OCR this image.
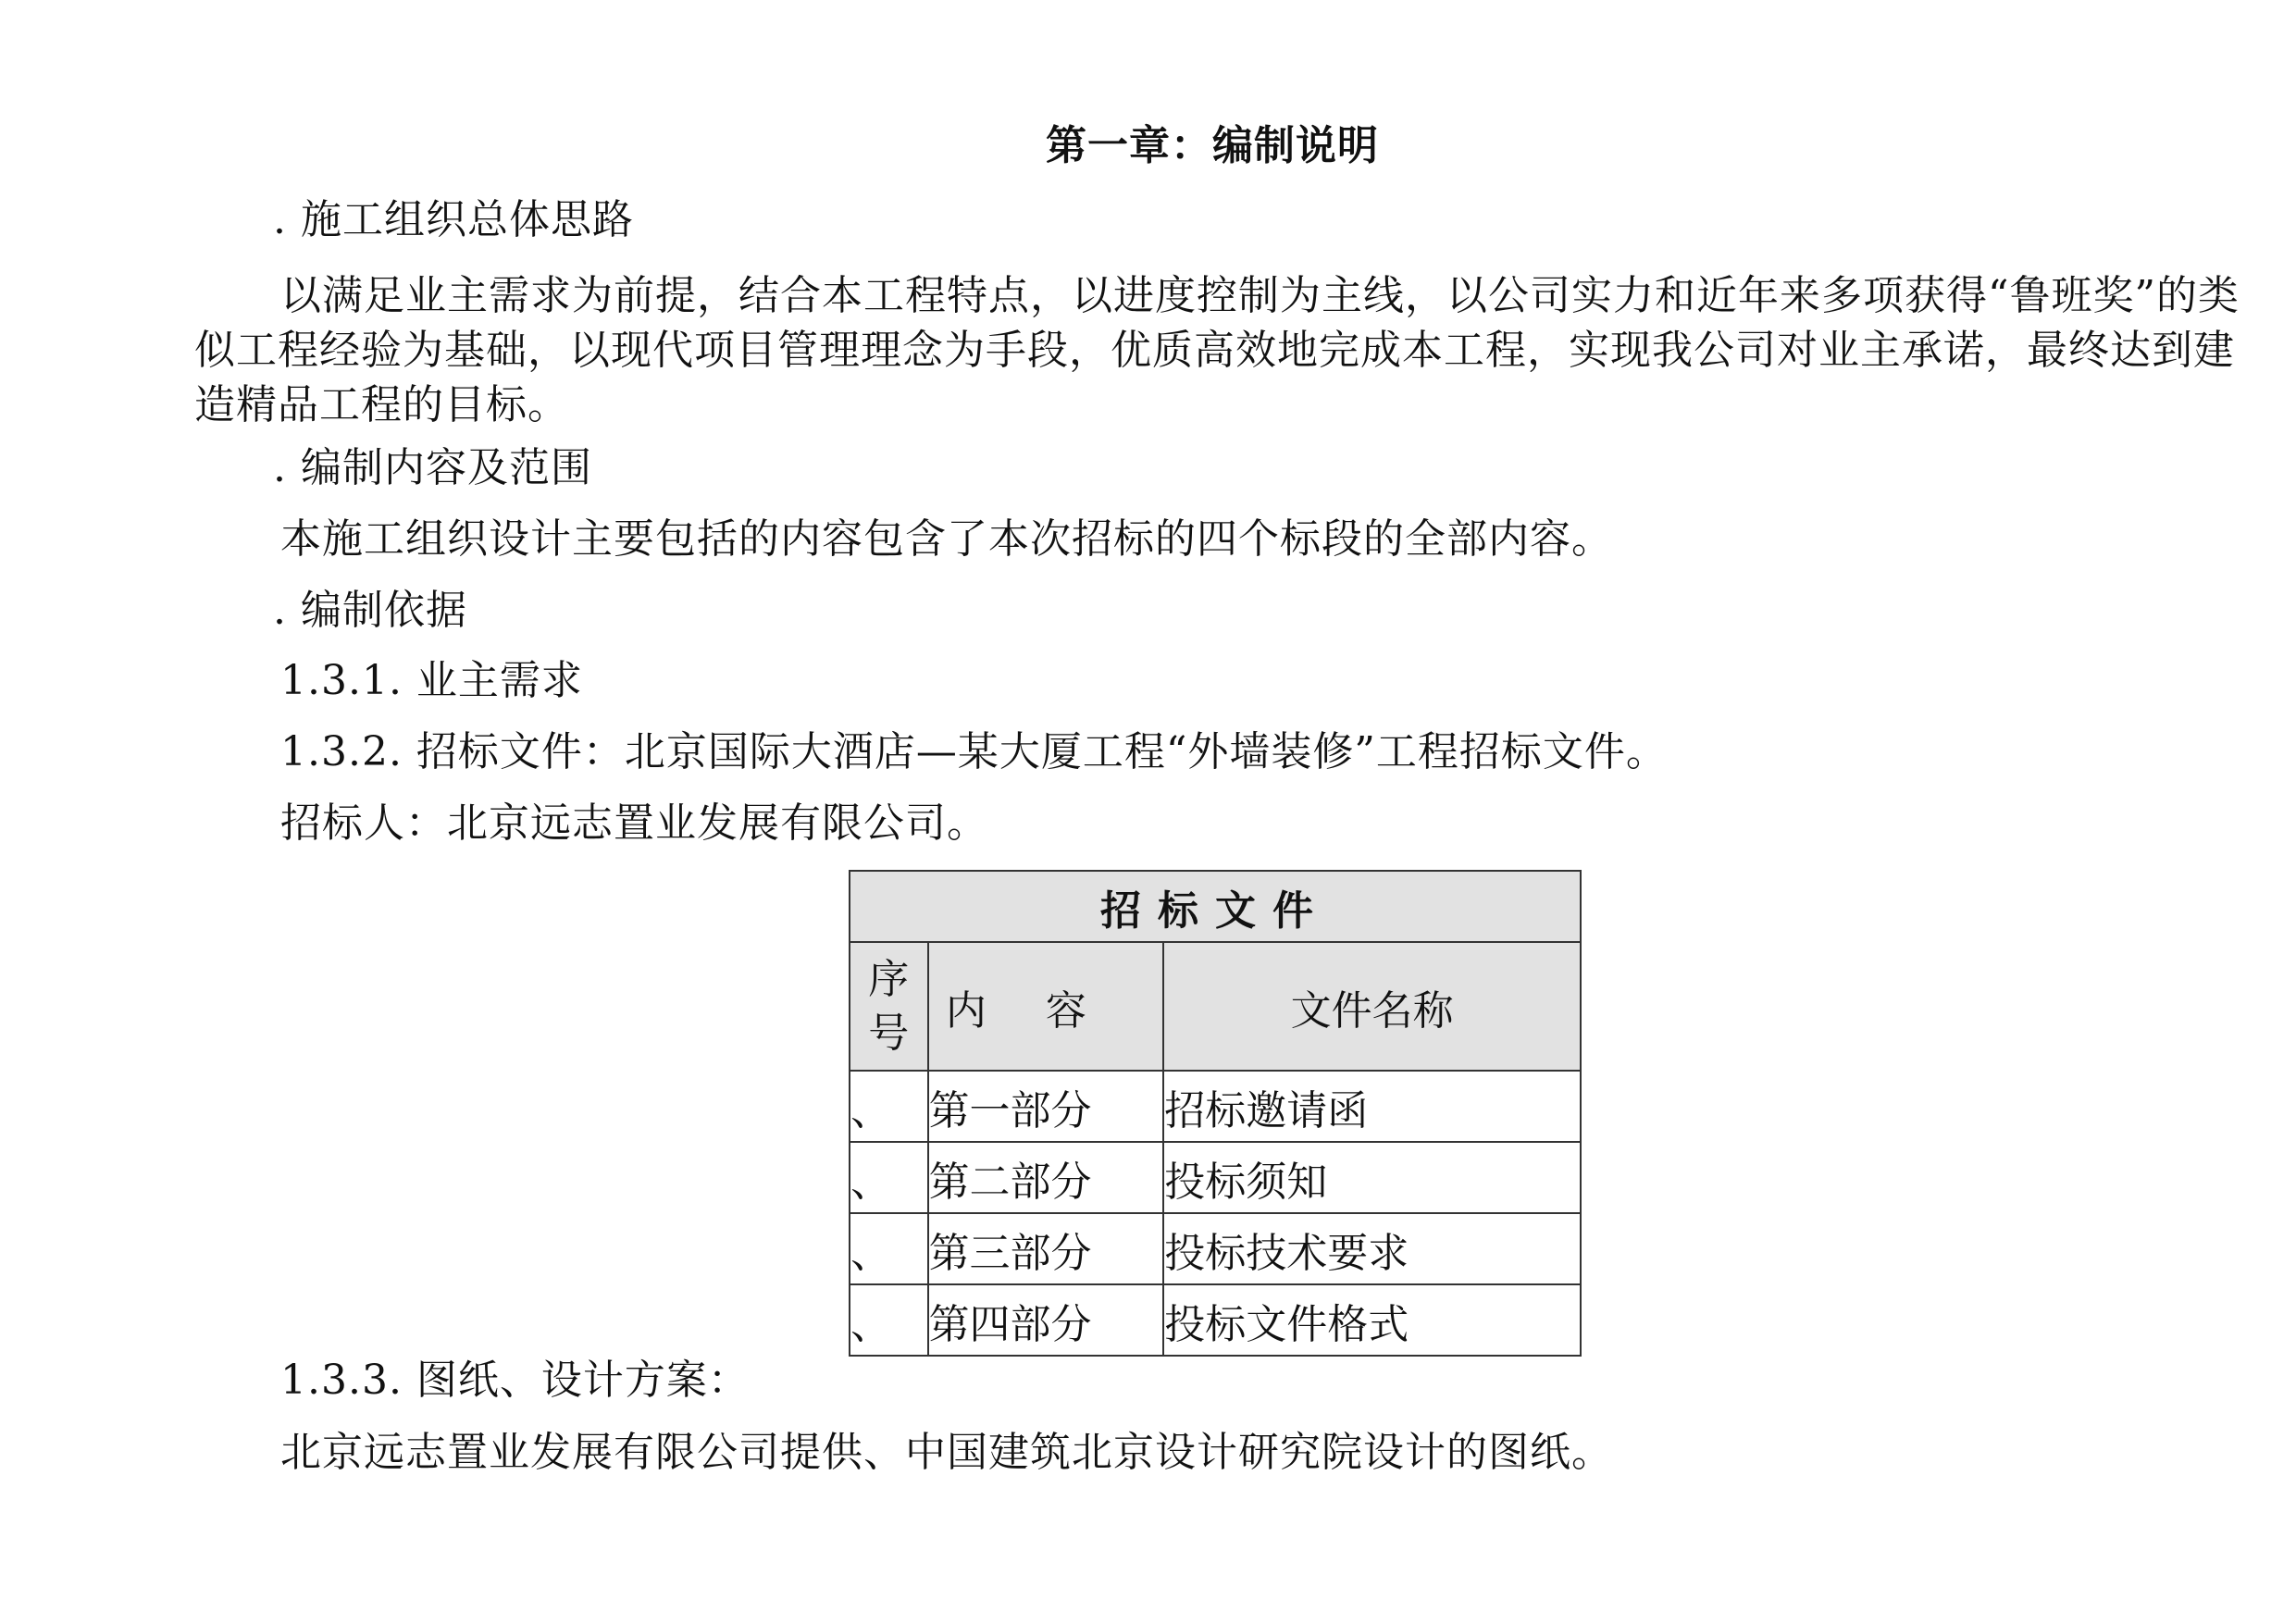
第一章：编制说明
. 施工组织总体思路

以满足业主需求为前提，结合本工程特点，以进度控制为主线，以公司实力和近年来多项获得“鲁班奖”的类似工程经验为基础，以现代项目管理理念为手段，优质高效地完成本工程，实现我公司对业主承诺，最终达到建造精品工程的目标。

. 编制内容及范围
本施工组织设计主要包括的内容包含了本次招标的四个标段的全部内容。
. 编制依据
1.3.1. 业主需求
1.3.2. 招标文件：北京国际大酒店—某大厦工程“外墙装修”工程招标文件。
招标人：北京远志置业发展有限公司。
招标文件		

序
号	内容	文件名称
、	第一部分	招标邀请函
、	第二部分	投标须知
、	第三部分	投标技术要求
、	第四部分	投标文件格式
1.3.3. 图纸、设计方案：
北京远志置业发展有限公司提供、中国建筑北京设计研究院设计的图纸。
